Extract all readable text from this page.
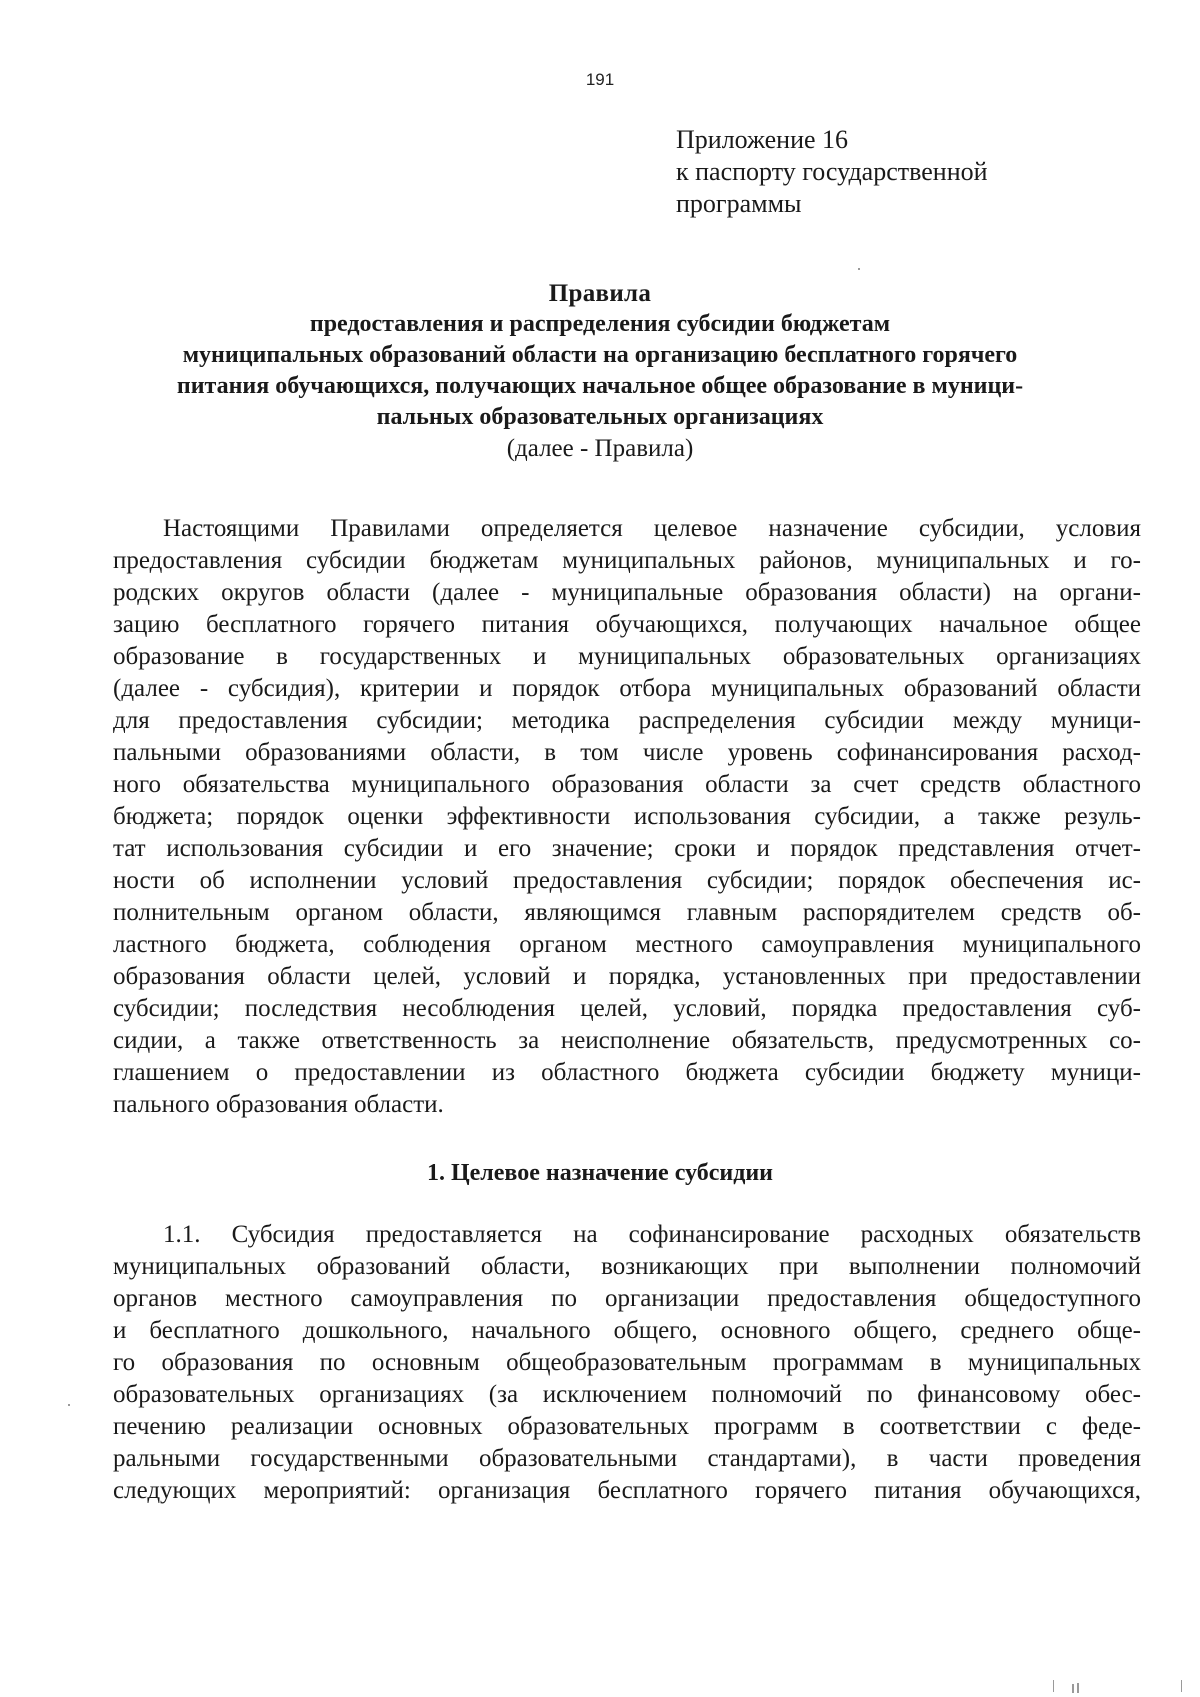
191
Приложение 16
к паспорту государственной
программы
Правила
предоставления и распределения субсидии бюджетам
муниципальных образований области на организацию бесплатного горячего
питания обучающихся, получающих начальное общее образование в муници-
пальных образовательных организациях
(далее - Правила)
Настоящими Правилами определяется целевое назначение субсидии, условия
предоставления субсидии бюджетам муниципальных районов, муниципальных и го-
родских округов области (далее - муниципальные образования области) на органи-
зацию бесплатного горячего питания обучающихся, получающих начальное общее
образование в государственных и муниципальных образовательных организациях
(далее - субсидия), критерии и порядок отбора муниципальных образований области
для предоставления субсидии; методика распределения субсидии между муници-
пальными образованиями области, в том числе уровень софинансирования расход-
ного обязательства муниципального образования области за счет средств областного
бюджета; порядок оценки эффективности использования субсидии, а также резуль-
тат использования субсидии и его значение; сроки и порядок представления отчет-
ности об исполнении условий предоставления субсидии; порядок обеспечения ис-
полнительным органом области, являющимся главным распорядителем средств об-
ластного бюджета, соблюдения органом местного самоуправления муниципального
образования области целей, условий и порядка, установленных при предоставлении
субсидии; последствия несоблюдения целей, условий, порядка предоставления суб-
сидии, а также ответственность за неисполнение обязательств, предусмотренных со-
глашением о предоставлении из областного бюджета субсидии бюджету муници-
пального образования области.
1. Целевое назначение субсидии
1.1. Субсидия предоставляется на софинансирование расходных обязательств
муниципальных образований области, возникающих при выполнении полномочий
органов местного самоуправления по организации предоставления общедоступного
и бесплатного дошкольного, начального общего, основного общего, среднего обще-
го образования по основным общеобразовательным программам в муниципальных
образовательных организациях (за исключением полномочий по финансовому обес-
печению реализации основных образовательных программ в соответствии с феде-
ральными государственными образовательными стандартами), в части проведения
следующих мероприятий: организация бесплатного горячего питания обучающихся,
